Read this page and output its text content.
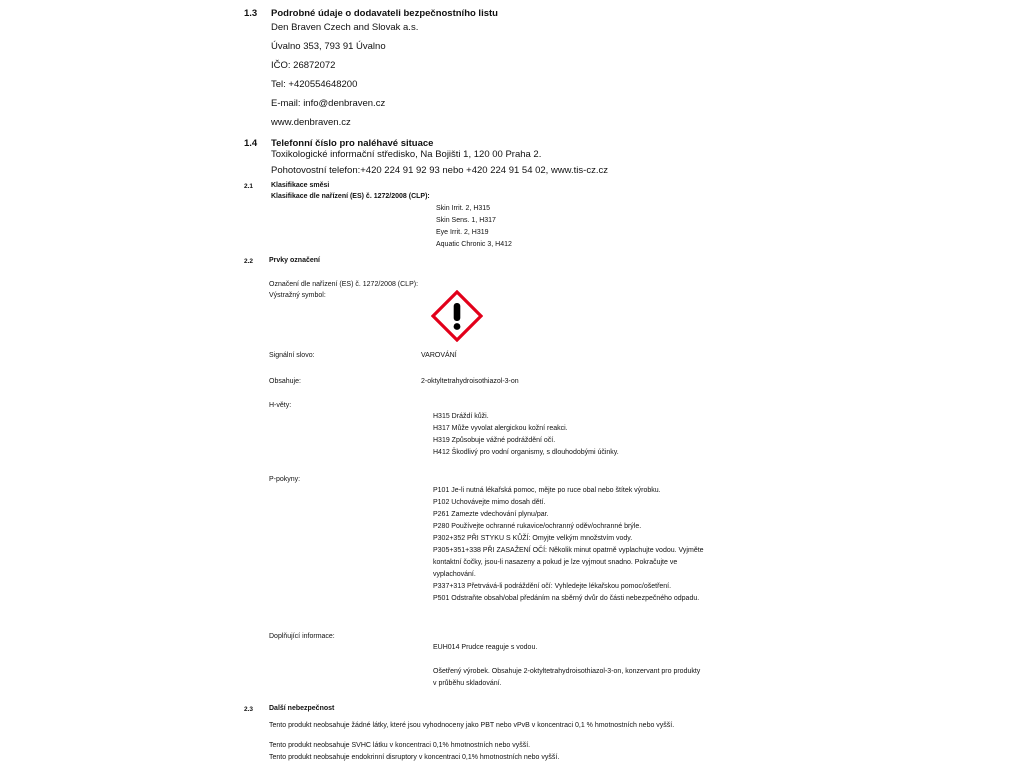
1.3 Podrobné údaje o dodavateli bezpečnostního listu
Den Braven Czech and Slovak a.s.
Úvalno 353, 793 91 Úvalno
IČO: 26872072
Tel: +420554648200
E-mail: info@denbraven.cz
www.denbraven.cz
1.4 Telefonní číslo pro naléhavé situace
Toxikologické informační středisko, Na Bojišti 1, 120 00 Praha 2.
Pohotovostní telefon:+420 224 91 92 93 nebo +420 224 91 54 02, www.tis-cz.cz
2.1	Klasifikace směsi
Klasifikace dle nařízení (ES) č. 1272/2008 (CLP):
Skin Irrit. 2, H315
Skin Sens. 1, H317
Eye Irrit. 2, H319
Aquatic Chronic 3, H412
2.2 Prvky označení
Označení dle nařízení (ES) č. 1272/2008 (CLP):
Výstražný symbol:
Signální slovo:	VAROVÁNÍ
Obsahuje:	2-oktyltetrahydroisothiazol-3-on
H-věty:
H315 Dráždí kůži.
H317 Může vyvolat alergickou kožní reakci.
H319 Způsobuje vážné podráždění očí.
H412 Škodlivý pro vodní organismy, s dlouhodobými účinky.
P-pokyny:
P101 Je-li nutná lékařská pomoc, mějte po ruce obal nebo štítek výrobku.
P102 Uchovávejte mimo dosah dětí.
P261 Zamezte vdechování plynu/par.
P280 Používejte ochranné rukavice/ochranný oděv/ochranné brýle.
P302+352 PŘI STYKU S KŮŽÍ: Omyjte velkým množstvím vody.
P305+351+338 PŘI ZASAŽENÍ OČÍ: Několik minut opatrně vyplachujte vodou. Vyjměte
kontaktní čočky, jsou-li nasazeny a pokud je lze vyjmout snadno. Pokračujte ve
vyplachování.
P337+313 Přetrvává-li podráždění očí: Vyhledejte lékařskou pomoc/ošetření.
P501 Odstraňte obsah/obal předáním na sběrný dvůr do části nebezpečného odpadu.
Doplňující informace:
EUH014 Prudce reaguje s vodou.
Ošetřený výrobek. Obsahuje 2-oktyltetrahydroisothiazol-3-on, konzervant pro produkty
v průběhu skladování.
2.3 Další nebezpečnost
Tento produkt neobsahuje žádné látky, které jsou vyhodnoceny jako PBT nebo vPvB v koncentraci 0,1 % hmotnostních nebo vyšší.
Tento produkt neobsahuje SVHC látku v koncentraci 0,1% hmotnostních nebo vyšší.
Tento produkt neobsahuje endokrinní disruptory v koncentraci 0,1% hmotnostních nebo vyšší.
